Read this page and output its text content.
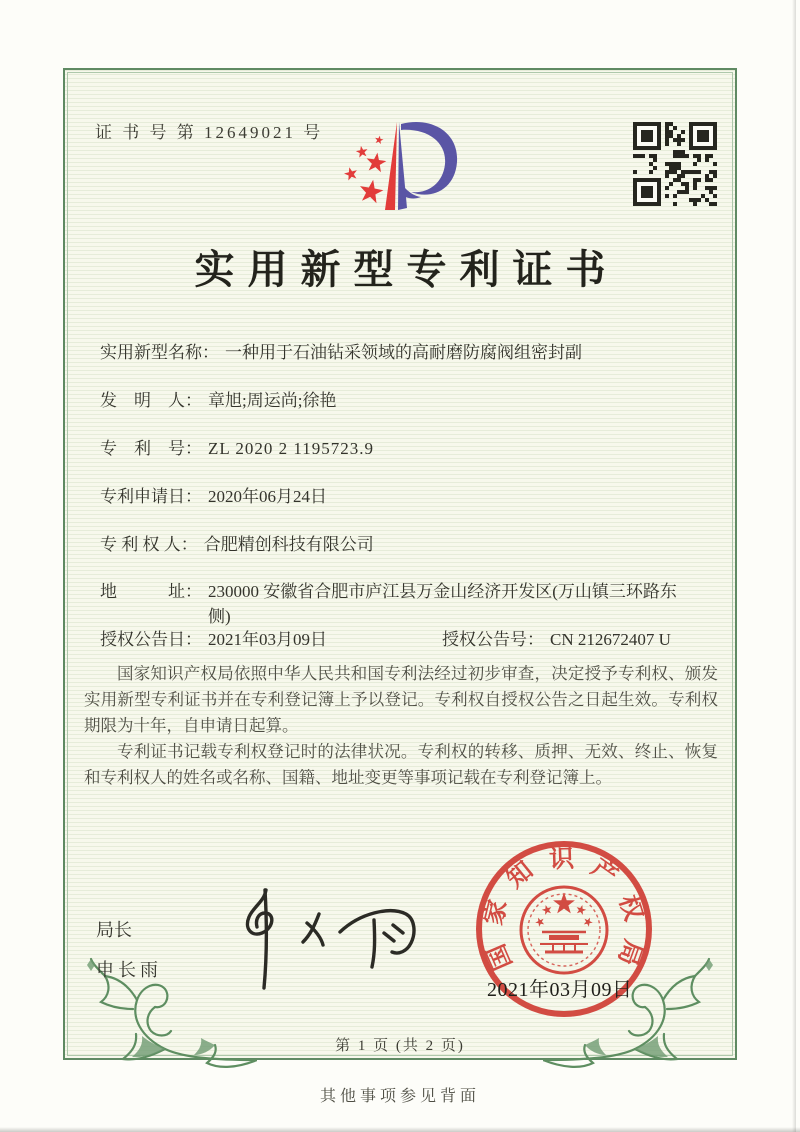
证 书 号 第 12649021 号
实用新型专利证书
实用新型名称： 一种用于石油钻采领域的高耐磨防腐阀组密封副
发　明　人： 章旭;周运尚;徐艳
专　利　号： ZL 2020 2 1195723.9
专利申请日： 2020年06月24日
专 利 权 人： 合肥精创科技有限公司
地　　　址： 230000 安徽省合肥市庐江县万金山经济开发区(万山镇三环路东侧)
授权公告日： 2021年03月09日	授权公告号： CN 212672407 U

国家知识产权局依照中华人民共和国专利法经过初步审查，决定授予专利权、颁发实用新型专利证书并在专利登记簿上予以登记。专利权自授权公告之日起生效。专利权期限为十年，自申请日起算。

专利证书记载专利权登记时的法律状况。专利权的转移、质押、无效、终止、恢复和专利权人的姓名或名称、国籍、地址变更等事项记载在专利登记簿上。

局长
申长雨	国家知识产权局
2021年03月09日
第 1 页 (共 2 页)
其他事项参见背面
